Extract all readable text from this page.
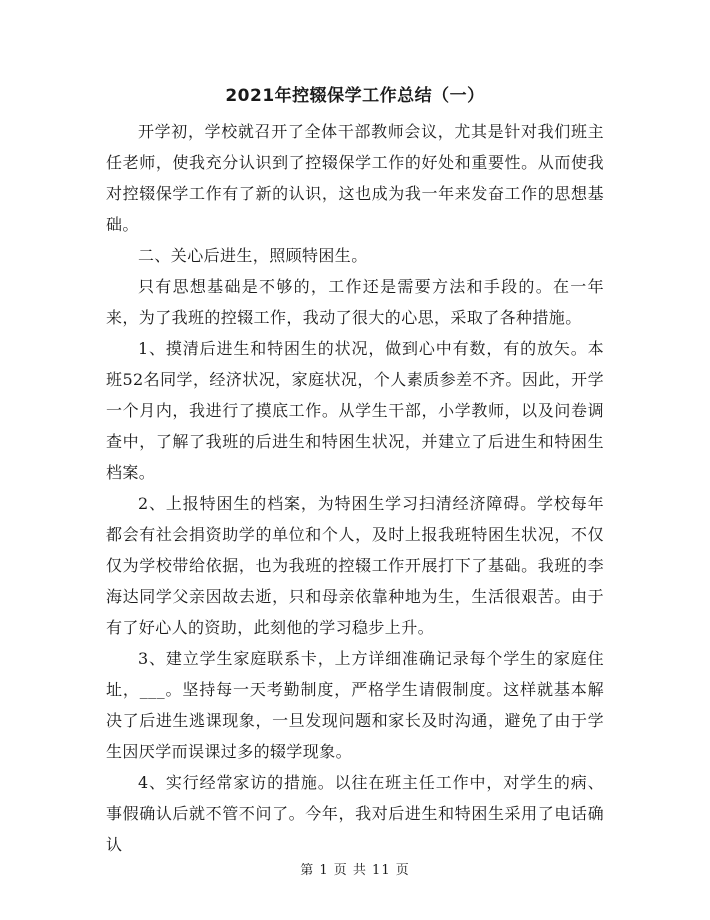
2021年控辍保学工作总结（一）

开学初，学校就召开了全体干部教师会议，尤其是针对我们班主任老师，使我充分认识到了控辍保学工作的好处和重要性。从而使我对控辍保学工作有了新的认识，这也成为我一年来发奋工作的思想基础。

二、关心后进生，照顾特困生。

只有思想基础是不够的，工作还是需要方法和手段的。在一年来，为了我班的控辍工作，我动了很大的心思，采取了各种措施。

1、摸清后进生和特困生的状况，做到心中有数，有的放矢。本班52名同学，经济状况，家庭状况，个人素质参差不齐。因此，开学一个月内，我进行了摸底工作。从学生干部，小学教师，以及问卷调查中，了解了我班的后进生和特困生状况，并建立了后进生和特困生档案。

2、上报特困生的档案，为特困生学习扫清经济障碍。学校每年都会有社会捐资助学的单位和个人，及时上报我班特困生状况，不仅仅为学校带给依据，也为我班的控辍工作开展打下了基础。我班的李海达同学父亲因故去逝，只和母亲依靠种地为生，生活很艰苦。由于有了好心人的资助，此刻他的学习稳步上升。

3、建立学生家庭联系卡，上方详细准确记录每个学生的家庭住址，___。坚持每一天考勤制度，严格学生请假制度。这样就基本解决了后进生逃课现象，一旦发现问题和家长及时沟通，避免了由于学生因厌学而误课过多的辍学现象。

4、实行经常家访的措施。以往在班主任工作中，对学生的病、事假确认后就不管不问了。今年，我对后进生和特困生采用了电话确认

第 1 页 共 11 页
